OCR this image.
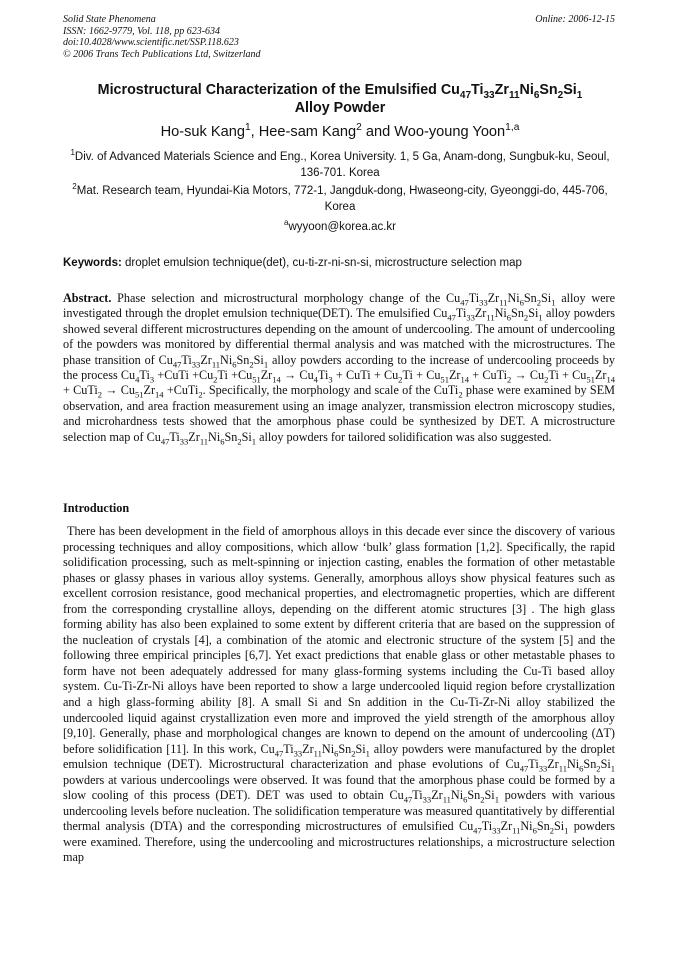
Solid State Phenomena
ISSN: 1662-9779, Vol. 118, pp 623-634
doi:10.4028/www.scientific.net/SSP.118.623
© 2006 Trans Tech Publications Ltd, Switzerland
Online: 2006-12-15
Microstructural Characterization of the Emulsified $Cu_{47}Ti_{33}Zr_{11}Ni_6Sn_2Si_1$
Alloy Powder
Ho-suk Kang$^1$, Hee-sam Kang$^2$ and Woo-young Yoon$^{1,a}$
$^1$Div. of Advanced Materials Science and Eng., Korea University. 1, 5 Ga, Anam-dong, Sungbuk-ku, Seoul, 136-701. Korea
$^2$Mat. Research team, Hyundai-Kia Motors, 772-1, Jangduk-dong, Hwaseong-city, Gyeonggi-do, 445-706, Korea
$^a$wyyoon@korea.ac.kr
Keywords: droplet emulsion technique(det), cu-ti-zr-ni-sn-si, microstructure selection map
Abstract. Phase selection and microstructural morphology change of the $Cu_{47}Ti_{33}Zr_{11}Ni_6Sn_2Si_1$ alloy were investigated through the droplet emulsion technique(DET). The emulsified $Cu_{47}Ti_{33}Zr_{11}Ni_6Sn_2Si_1$ alloy powders showed several different microstructures depending on the amount of undercooling. The amount of undercooling of the powders was monitored by differential thermal analysis and was matched with the microstructures. The phase transition of $Cu_{47}Ti_{33}Zr_{11}Ni_6Sn_2Si_1$ alloy powders according to the increase of undercooling proceeds by the process $Cu_4Ti_3$ +CuTi $+Cu_2Ti +Cu_{51}Zr_{14} \to Cu_4Ti_3$ + CuTi + $Cu_2Ti + Cu_{51}Zr_{14}$ + CuTi$_2$ → $Cu_2Ti + Cu_{51}Zr_{14}$ + CuTi$_2$ → $Cu_{51}Zr_{14}$ +CuTi$_2$. Specifically, the morphology and scale of the CuTi$_2$ phase were examined by SEM observation, and area fraction measurement using an image analyzer, transmission electron microscopy studies, and microhardness tests showed that the amorphous phase could be synthesized by DET. A microstructure selection map of $Cu_{47}Ti_{33}Zr_{11}Ni_6Sn_2Si_1$ alloy powders for tailored solidification was also suggested.
Introduction
There has been development in the field of amorphous alloys in this decade ever since the discovery of various processing techniques and alloy compositions, which allow ‘bulk’ glass formation [1,2]. Specifically, the rapid solidification processing, such as melt-spinning or injection casting, enables the formation of other metastable phases or glassy phases in various alloy systems. Generally, amorphous alloys show physical features such as excellent corrosion resistance, good mechanical properties, and electromagnetic properties, which are different from the corresponding crystalline alloys, depending on the different atomic structures [3] . The high glass forming ability has also been explained to some extent by different criteria that are based on the suppression of the nucleation of crystals [4], a combination of the atomic and electronic structure of the system [5] and the following three empirical principles [6,7]. Yet exact predictions that enable glass or other metastable phases to form have not been adequately addressed for many glass-forming systems including the Cu-Ti based alloy system. Cu-Ti-Zr-Ni alloys have been reported to show a large undercooled liquid region before crystallization and a high glass-forming ability [8]. A small Si and Sn addition in the Cu-Ti-Zr-Ni alloy stabilized the undercooled liquid against crystallization even more and improved the yield strength of the amorphous alloy [9,10]. Generally, phase and morphological changes are known to depend on the amount of undercooling (ΔT) before solidification [11]. In this work, $Cu_{47}Ti_{33}Zr_{11}Ni_6Sn_2Si_1$ alloy powders were manufactured by the droplet emulsion technique (DET). Microstructural characterization and phase evolutions of $Cu_{47}Ti_{33}Zr_{11}Ni_6Sn_2Si_1$ powders at various undercoolings were observed. It was found that the amorphous phase could be formed by a slow cooling of this process (DET). DET was used to obtain $Cu_{47}Ti_{33}Zr_{11}Ni_6Sn_2Si_1$ powders with various undercooling levels before nucleation. The solidification temperature was measured quantitatively by differential thermal analysis (DTA) and the corresponding microstructures of emulsified $Cu_{47}Ti_{33}Zr_{11}Ni_6Sn_2Si_1$ powders were examined. Therefore, using the undercooling and microstructures relationships, a microstructure selection map
